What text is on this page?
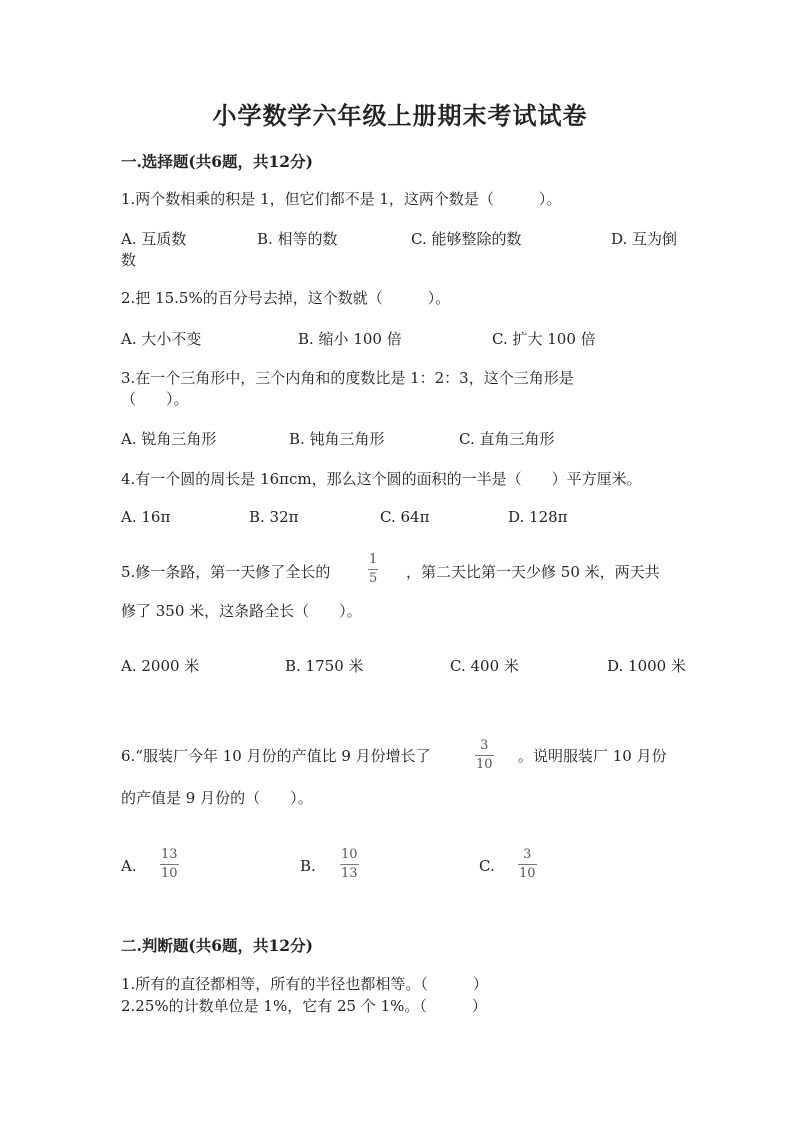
小学数学六年级上册期末考试试卷
一.选择题(共6题，共12分)
1.两个数相乘的积是 1，但它们都不是 1，这两个数是（　　　）。
A. 互质数	B. 相等的数	C. 能够整除的数	D. 互为倒
数
2.把 15.5%的百分号去掉，这个数就（　　　）。
A. 大小不变	B. 缩小 100 倍	C. 扩大 100 倍
3.在一个三角形中，三个内角和的度数比是 1：2：3，这个三角形是
（　　）。
A. 锐角三角形	B. 钝角三角形	C. 直角三角形
4.有一个圆的周长是 16πcm，那么这个圆的面积的一半是（　　）平方厘米。
A. 16π	B. 32π	C. 64π	D. 128π
5.修一条路，第一天修了全长的
1
5 ，第二天比第一天少修 50 米，两天共
修了 350 米，这条路全长（　　）。
A. 2000 米	B. 1750 米	C. 400 米	D. 1000 米
6.“服装厂今年 10 月份的产值比 9 月份增长了
3
10 。说明服装厂 10 月份
的产值是 9 月份的（　　）。
A.
13
10	B.
10
13	C.
3
10
二.判断题(共6题，共12分)
1.所有的直径都相等，所有的半径也都相等。（　　　）
2.25%的计数单位是 1%，它有 25 个 1%。（　　　）
